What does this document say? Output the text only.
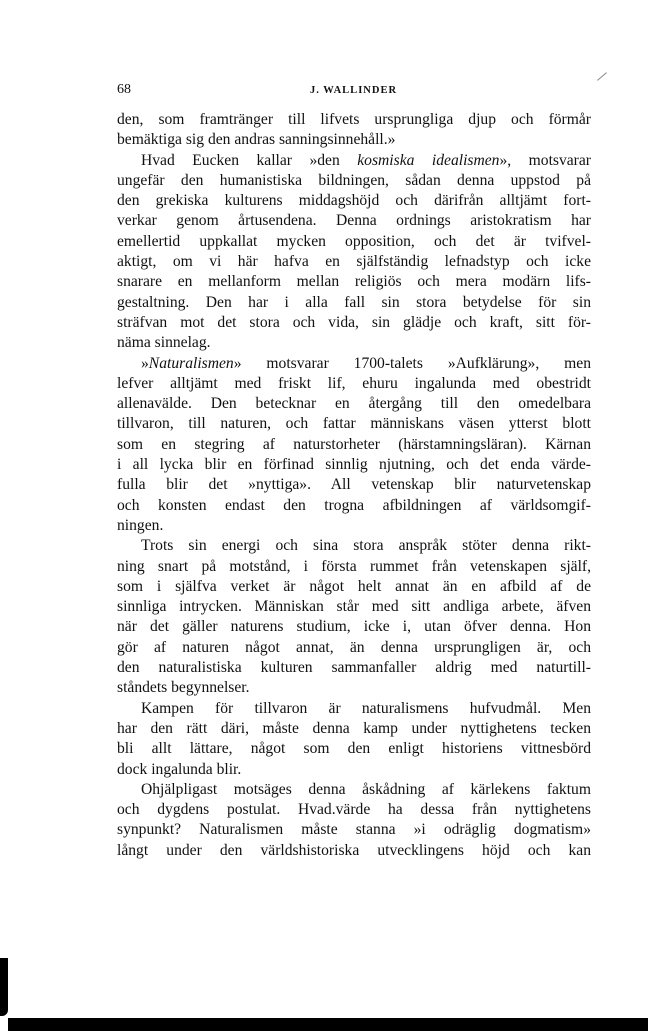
68	J. WALLINDER
den, som framtränger till lifvets ursprungliga djup och förmår
bemäktiga sig den andras sanningsinnehåll.»
Hvad Eucken kallar »den kosmiska idealismen», motsvarar
ungefär den humanistiska bildningen, sådan denna uppstod på
den grekiska kulturens middagshöjd och därifrån alltjämt fort-
verkar genom årtusendena. Denna ordnings aristokratism har
emellertid uppkallat mycken opposition, och det är tvifvel-
aktigt, om vi här hafva en själfständig lefnadstyp och icke
snarare en mellanform mellan religiös och mera modärn lifs-
gestaltning. Den har i alla fall sin stora betydelse för sin
sträfvan mot det stora och vida, sin glädje och kraft, sitt för-
näma sinnelag.
»Naturalismen» motsvarar 1700-talets »Aufklärung», men
lefver alltjämt med friskt lif, ehuru ingalunda med obestridt
allenavälde. Den betecknar en återgång till den omedelbara
tillvaron, till naturen, och fattar människans väsen ytterst blott
som en stegring af naturstorheter (härstamningsläran). Kärnan
i all lycka blir en förfinad sinnlig njutning, och det enda värde-
fulla blir det »nyttiga». All vetenskap blir naturvetenskap
och konsten endast den trogna afbildningen af världsomgif-
ningen.
Trots sin energi och sina stora anspråk stöter denna rikt-
ning snart på motstånd, i första rummet från vetenskapen själf,
som i själfva verket är något helt annat än en afbild af de
sinnliga intrycken. Människan står med sitt andliga arbete, äfven
när det gäller naturens studium, icke i, utan öfver denna. Hon
gör af naturen något annat, än denna ursprungligen är, och
den naturalistiska kulturen sammanfaller aldrig med naturtill-
ståndets begynnelser.
Kampen för tillvaron är naturalismens hufvudmål. Men
har den rätt däri, måste denna kamp under nyttighetens tecken
bli allt lättare, något som den enligt historiens vittnesbörd
dock ingalunda blir.
Ohjälpligast motsäges denna åskådning af kärlekens faktum
och dygdens postulat. Hvad.värde ha dessa från nyttighetens
synpunkt? Naturalismen måste stanna »i odräglig dogmatism»
långt under den världshistoriska utvecklingens höjd och kan
